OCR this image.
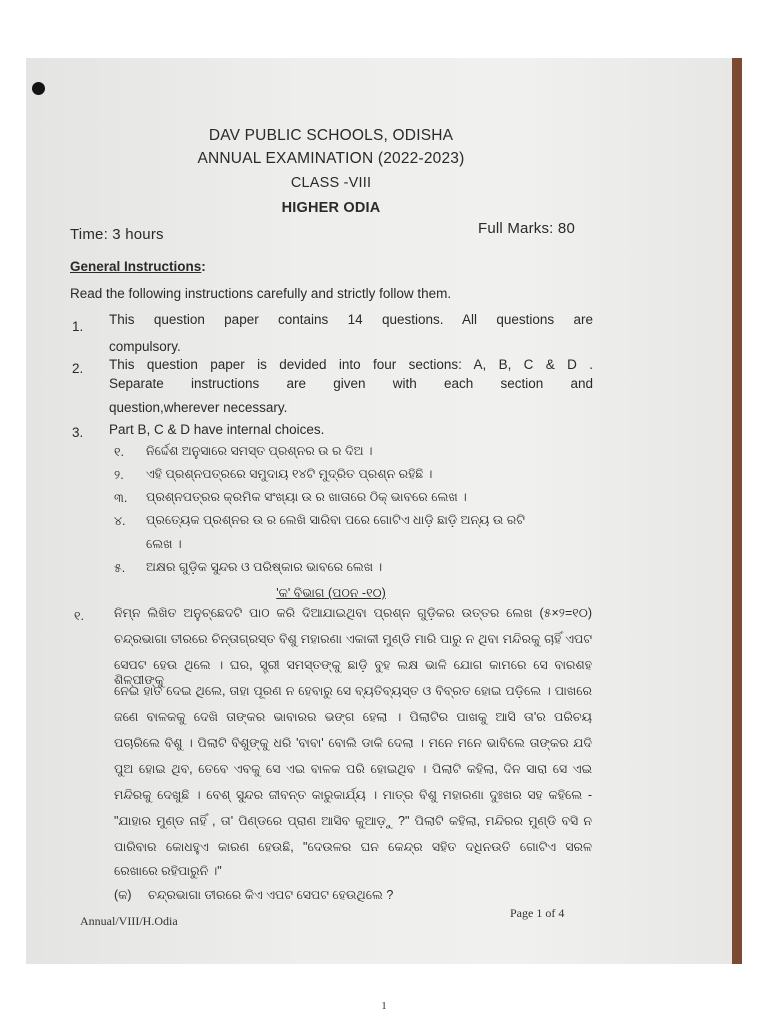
DAV PUBLIC SCHOOLS, ODISHA
ANNUAL EXAMINATION (2022-2023)
CLASS -VIII
HIGHER ODIA
Time: 3 hours	Full Marks: 80
General Instructions:
Read the following instructions carefully and strictly follow them.
1. This question paper contains 14 questions. All questions are
compulsory.
2. This question paper is devided into four sections: A, B, C & D .
Separate instructions are given with each section and
question,wherever necessary.
3. Part B, C & D have internal choices.
୧. ନିର୍ଦ୍ଦେଶ ଅନୁସାରେ ସମସ୍ତ ପ୍ରଶ୍ନର ଉ ର ଦିଅ ।
୨. ଏହି ପ୍ରଶ୍ନପତ୍ରରେ ସମୁଦାୟ ୧୪ଟି ମୁଦ୍ରିତ ପ୍ରଶ୍ନ ରହିଛି ।
୩. ପ୍ରଶ୍ନପତ୍ରର କ୍ରମିକ ସଂଖ୍ୟା ଉ ର ଖାତାରେ ଠିକ୍ ଭାବରେ ଲେଖ ।
୪. ପ୍ରତ୍ୟେକ ପ୍ରଶ୍ନର ଉ ର ଲେଖି ସାରିବା ପରେ ଗୋଟିଏ ଧାଡ଼ି ଛାଡ଼ି ଅନ୍ୟ ଉ ରଟି
ଲେଖ ।
୫. ଅକ୍ଷର ଗୁଡ଼ିକ ସୁନ୍ଦର ଓ ପରିଷ୍କାର ଭାବରେ ଲେଖ ।
'କ' ବିଭାଗ (ପଠନ -୧୦)
୧. ନିମ୍ନ ଲିଖିତ ଅନୁଚ୍ଛେଦଟି ପାଠ କରି ଦିଆଯାଇଥିବା ପ୍ରଶ୍ନ ଗୁଡ଼ିକର ଉତ୍ତର ଲେଖ (୫×୨=୧୦)
ଚନ୍ଦ୍ରଭାଗା ତୀରରେ ଚିନ୍ତାଗ୍ରସ୍ତ ବିଶୁ ମହାରଣା ଏକାକୀ ମୁଣ୍ଡି ମାରି ପାରୁ ନ ଥିବା ମନ୍ଦିରକୁ ଚାହିଁ ଏପଟ
ସେପଟ ହେଉ ଥିଲେ । ଘର, ସ୍ତ୍ରୀ ସମସ୍ତଙ୍କୁ ଛାଡ଼ି ବୁହ ଲକ୍ଷ ଭାଳି ଯୋଗ କାମରେ ସେ ବାରଶହ ଶିଳ୍ପୀଙ୍କୁ
ନେଇ ହାତ ଦେଇ ଥିଲେ, ତାହା ପୂରଣ ନ ହେବାରୁ ସେ ବ୍ୟତିବ୍ୟସ୍ତ ଓ ବିବ୍ରତ ହୋଇ ପଡ଼ିଲେ । ପାଖରେ
ଜଣେ ବାଳକକୁ ଦେଖି ତାଙ୍କର ଭାବାରର ଭଙ୍ଗ ହେଲା । ପିଲାଟିର ପାଖକୁ ଆସି ତା'ର ପରିଚୟ
ପଚାରିଲେ ବିଶୁ । ପିଲାଟି ବିଶୁଙ୍କୁ ଧରି 'ବାବା' ବୋଲି ଡାକି ଦେଲା । ମନେ ମନେ ଭାବିଲେ ତାଙ୍କର ଯଦି
ପୁଅ ହୋଇ ଥିବ, ତେବେ ଏବକୁ ସେ ଏଇ ବାଳକ ପରି ହୋଇଥିବ । ପିଲାଟି କହିଲା, ଦିନ ସାରା ସେ ଏଇ
ମନ୍ଦିରକୁ ଦେଖୁଛି । ବେଶ୍ ସୁନ୍ଦର ଜୀବନ୍ତ କାରୁକାର୍ଯ୍ୟ । ମାତ୍ର ବିଶୁ ମହାରଣା ଦୁଃଖର ସହ କହିଲେ -
"ଯାହାର ମୁଣ୍ଡ ନାହିଁ , ତା' ପିଣ୍ଡରେ ପ୍ରାଣ ଆସିବ କୁଆଡ଼ୁ ?" ପିଲାଟି କହିଲା, ମନ୍ଦିରର ମୁଣ୍ଡି ବସି ନ
ପାରିବାର କୋଧହୁଏ କାରଣ ହେଉଛି, "ଦେଉଳର ଘନ କେନ୍ଦ୍ର ସହିତ ଦଧିନଉତି ଗୋଟିଏ ସରଳ
ରେଖାରେ ରହିପାରୁନି ।"
(କ) ଚନ୍ଦ୍ରଭାଗା ତୀରରେ କିଏ ଏପଟ ସେପଟ ହେଉଥିଲେ ?
Annual/VIII/H.Odia
Page 1 of 4
1
